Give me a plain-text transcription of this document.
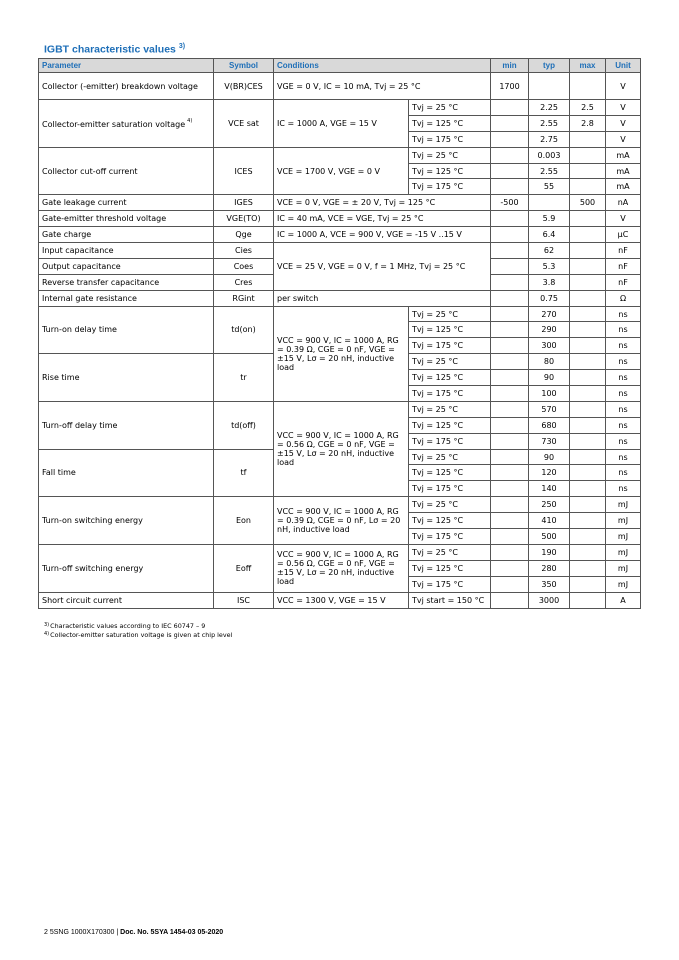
IGBT characteristic values $^{3)}$
Parameter	Symbol	Conditions		min	typ	max	Unit
Collector (-emitter) breakdown voltage	V(BR)CES	VGE = 0 V, IC = 10 mA, Tvj = 25 °C		1700			V
Collector-emitter saturation voltage $^{4)}$	VCE sat	IC = 1000 A, VGE = 15 V	Tvj = 25 °C		2.25	2.5	V
			Tvj = 125 °C		2.55	2.8	V
			Tvj = 175 °C		2.75		V
Collector cut-off current	ICES	VCE = 1700 V, VGE = 0 V	Tvj = 25 °C		0.003		mA
			Tvj = 125 °C		2.55		mA
			Tvj = 175 °C		55		mA
Gate leakage current	IGES	VCE = 0 V, VGE = ± 20 V, Tvj = 125 °C		-500		500	nA
Gate-emitter threshold voltage	VGE(TO)	IC = 40 mA, VCE = VGE, Tvj = 25 °C			5.9		V
Gate charge	Qge	IC = 1000 A, VCE = 900 V, VGE = -15 V ..15 V			6.4		µC
Input capacitance	Cies	VCE = 25 V, VGE = 0 V, f = 1 MHz, Tvj = 25 °C			62		nF
Output capacitance	Coes				5.3		nF
Reverse transfer capacitance	Cres				3.8		nF
Internal gate resistance	RGint	per switch			0.75		Ω
Turn-on delay time	td(on)	VCC = 900 V, IC = 1000 A, RG = 0.39 Ω, CGE = 0 nF, VGE = ±15 V, Lσ = 20 nH, inductive load	Tvj = 25 °C		270		ns
			Tvj = 125 °C		290		ns
			Tvj = 175 °C		300		ns
Rise time	tr		Tvj = 25 °C		80		ns
			Tvj = 125 °C		90		ns
			Tvj = 175 °C		100		ns
Turn-off delay time	td(off)	VCC = 900 V, IC = 1000 A, RG = 0.56 Ω, CGE = 0 nF, VGE = ±15 V, Lσ = 20 nH, inductive load	Tvj = 25 °C		570		ns
			Tvj = 125 °C		680		ns
			Tvj = 175 °C		730		ns
Fall time	tf		Tvj = 25 °C		90		ns
			Tvj = 125 °C		120		ns
			Tvj = 175 °C		140		ns
Turn-on switching energy	Eon	VCC = 900 V, IC = 1000 A, RG = 0.39 Ω, CGE = 0 nF, Lσ = 20 nH, inductive load	Tvj = 25 °C		250		mJ
			Tvj = 125 °C		410		mJ
			Tvj = 175 °C		500		mJ
Turn-off switching energy	Eoff	VCC = 900 V, IC = 1000 A, RG = 0.56 Ω, CGE = 0 nF, VGE = ±15 V, Lσ = 20 nH, inductive load	Tvj = 25 °C		190		mJ
			Tvj = 125 °C		280		mJ
			Tvj = 175 °C		350		mJ
Short circuit current	ISC	VCC = 1300 V, VGE = 15 V	Tvj start = 150 °C		3000		A
$^{3)}$Characteristic values according to IEC 60747 – 9
$^{4)}$Collector-emitter saturation voltage is given at chip level
2 5SNG 1000X170300 | Doc. No. 5SYA 1454-03 05-2020
